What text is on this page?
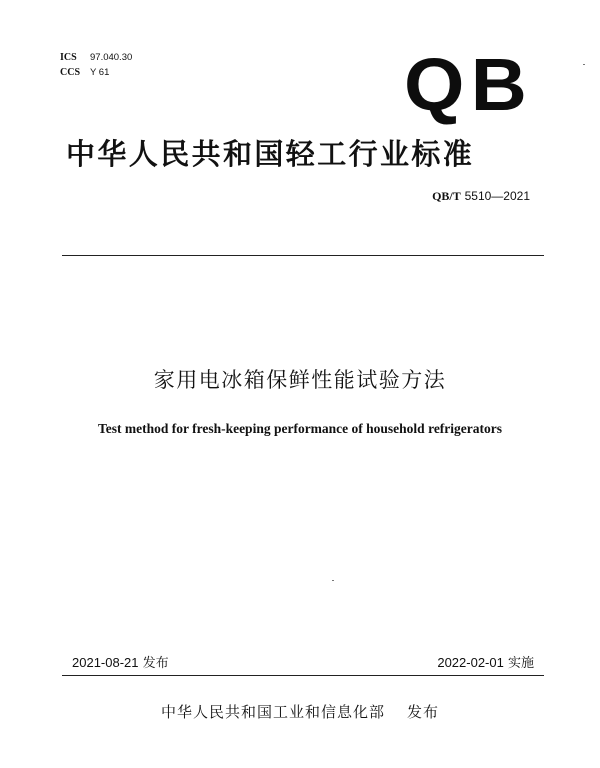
ICS 97.040.30
CCS Y 61	QB
中华人民共和国轻工行业标准
QB/T 5510—2021
家用电冰箱保鲜性能试验方法
Test method for fresh-keeping performance of household refrigerators
2021-08-21 发布	2022-02-01 实施
中华人民共和国工业和信息化部 发布
